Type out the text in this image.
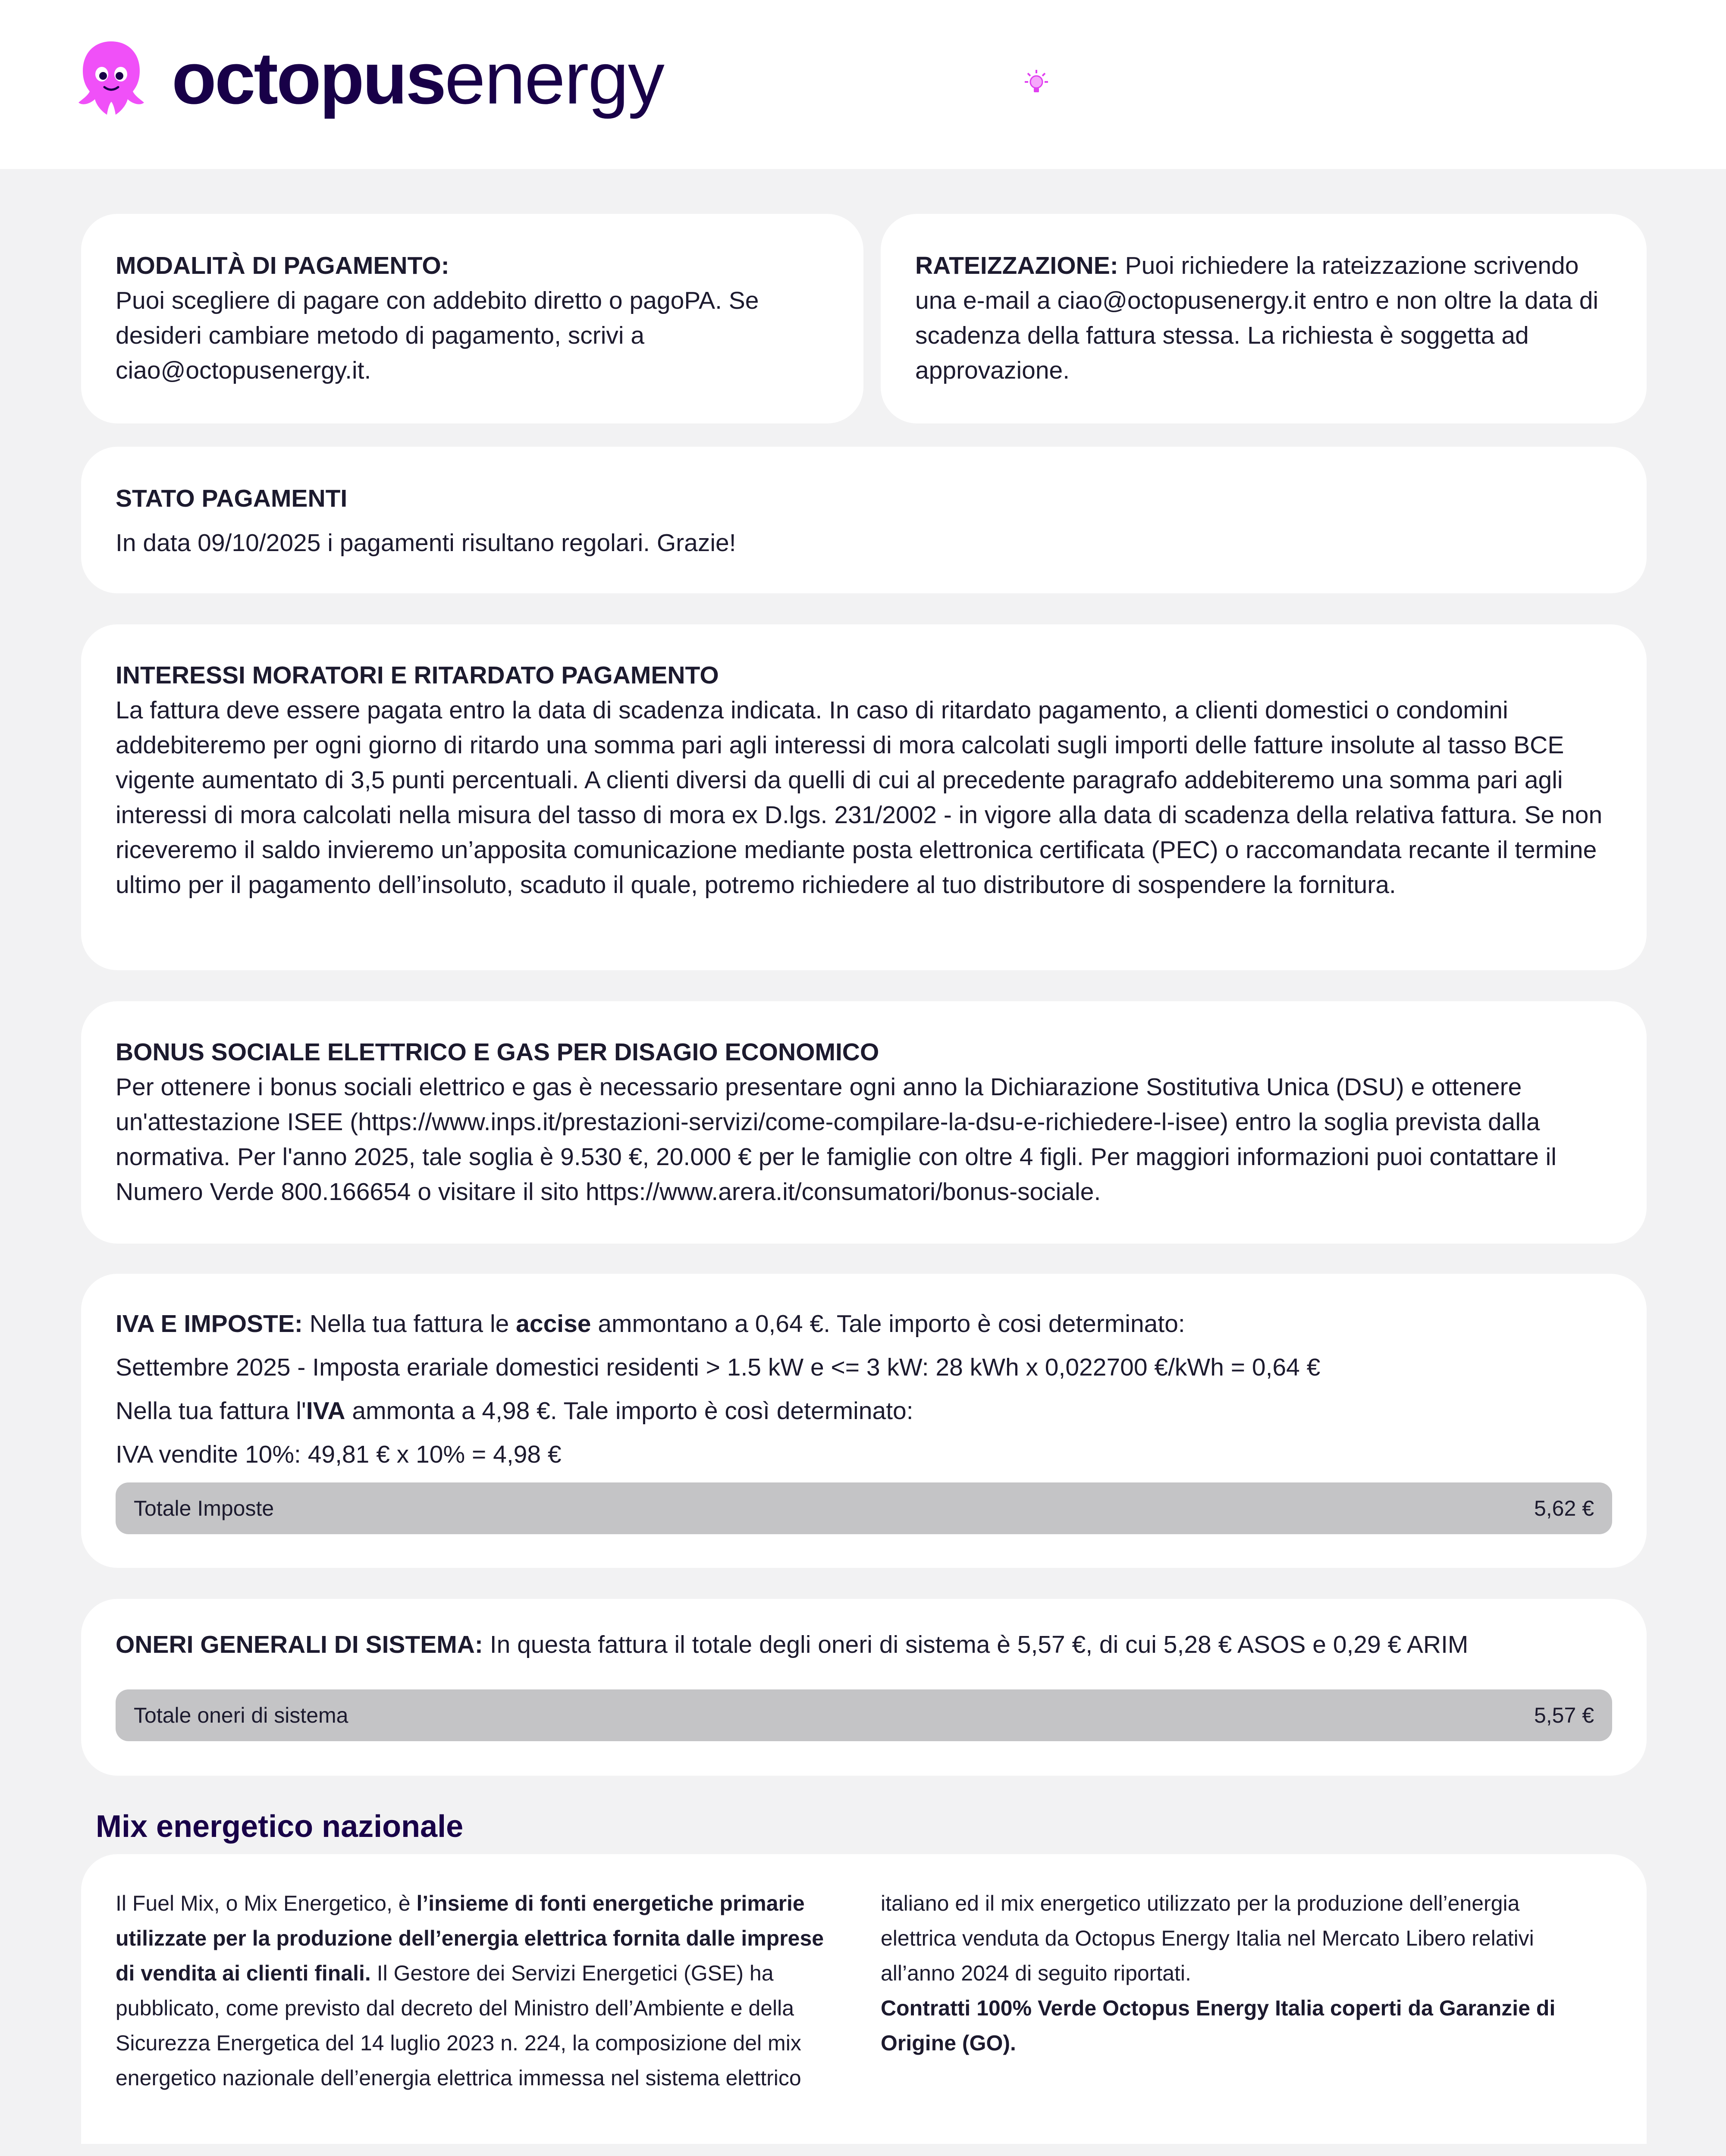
octopusenergy

MODALITÀ DI PAGAMENTO:

Puoi scegliere di pagare con addebito diretto o pagoPA. Se desideri cambiare metodo di pagamento, scrivi a ciao@octopusenergy.it.

RATEIZZAZIONE: Puoi richiedere la rateizzazione scrivendo una e-mail a ciao@octopusenergy.it entro e non oltre la data di scadenza della fattura stessa. La richiesta è soggetta ad approvazione.

STATO PAGAMENTI

In data 09/10/2025 i pagamenti risultano regolari. Grazie!

INTERESSI MORATORI E RITARDATO PAGAMENTO

La fattura deve essere pagata entro la data di scadenza indicata. In caso di ritardato pagamento, a clienti domestici o condomini addebiteremo per ogni giorno di ritardo una somma pari agli interessi di mora calcolati sugli importi delle fatture insolute al tasso BCE vigente aumentato di 3,5 punti percentuali. A clienti diversi da quelli di cui al precedente paragrafo addebiteremo una somma pari agli interessi di mora calcolati nella misura del tasso di mora ex D.lgs. 231/2002 - in vigore alla data di scadenza della relativa fattura. Se non riceveremo il saldo invieremo un’apposita comunicazione mediante posta elettronica certificata (PEC) o raccomandata recante il termine ultimo per il pagamento dell’insoluto, scaduto il quale, potremo richiedere al tuo distributore di sospendere la fornitura.

BONUS SOCIALE ELETTRICO E GAS PER DISAGIO ECONOMICO

Per ottenere i bonus sociali elettrico e gas è necessario presentare ogni anno la Dichiarazione Sostitutiva Unica (DSU) e ottenere un'attestazione ISEE (https://www.inps.it/prestazioni-servizi/come-compilare-la-dsu-e-richiedere-l-isee) entro la soglia prevista dalla normativa. Per l'anno 2025, tale soglia è 9.530 €, 20.000 € per le famiglie con oltre 4 figli. Per maggiori informazioni puoi contattare il Numero Verde 800.166654 o visitare il sito https://www.arera.it/consumatori/bonus-sociale.

IVA E IMPOSTE: Nella tua fattura le accise ammontano a 0,64 €. Tale importo è cosi determinato:

Settembre 2025 - Imposta erariale domestici residenti > 1.5 kW e <= 3 kW: 28 kWh x 0,022700 €/kWh = 0,64 €

Nella tua fattura l'IVA ammonta a 4,98 €. Tale importo è così determinato:

IVA vendite 10%: 49,81 € x 10% = 4,98 €

Totale Imposte	5,62 €

ONERI GENERALI DI SISTEMA: In questa fattura il totale degli oneri di sistema è 5,57 €, di cui 5,28 € ASOS e 0,29 € ARIM

Totale oneri di sistema	5,57 €
Mix energetico nazionale

Il Fuel Mix, o Mix Energetico, è l’insieme di fonti energetiche primarie utilizzate per la produzione dell’energia elettrica fornita dalle imprese di vendita ai clienti finali. Il Gestore dei Servizi Energetici (GSE) ha pubblicato, come previsto dal decreto del Ministro dell’Ambiente e della Sicurezza Energetica del 14 luglio 2023 n. 224, la composizione del mix energetico nazionale dell’energia elettrica immessa nel sistema elettrico

italiano ed il mix energetico utilizzato per la produzione dell’energia elettrica venduta da Octopus Energy Italia nel Mercato Libero relativi all’anno 2024 di seguito riportati.

Contratti 100% Verde Octopus Energy Italia coperti da Garanzie di Origine (GO).
